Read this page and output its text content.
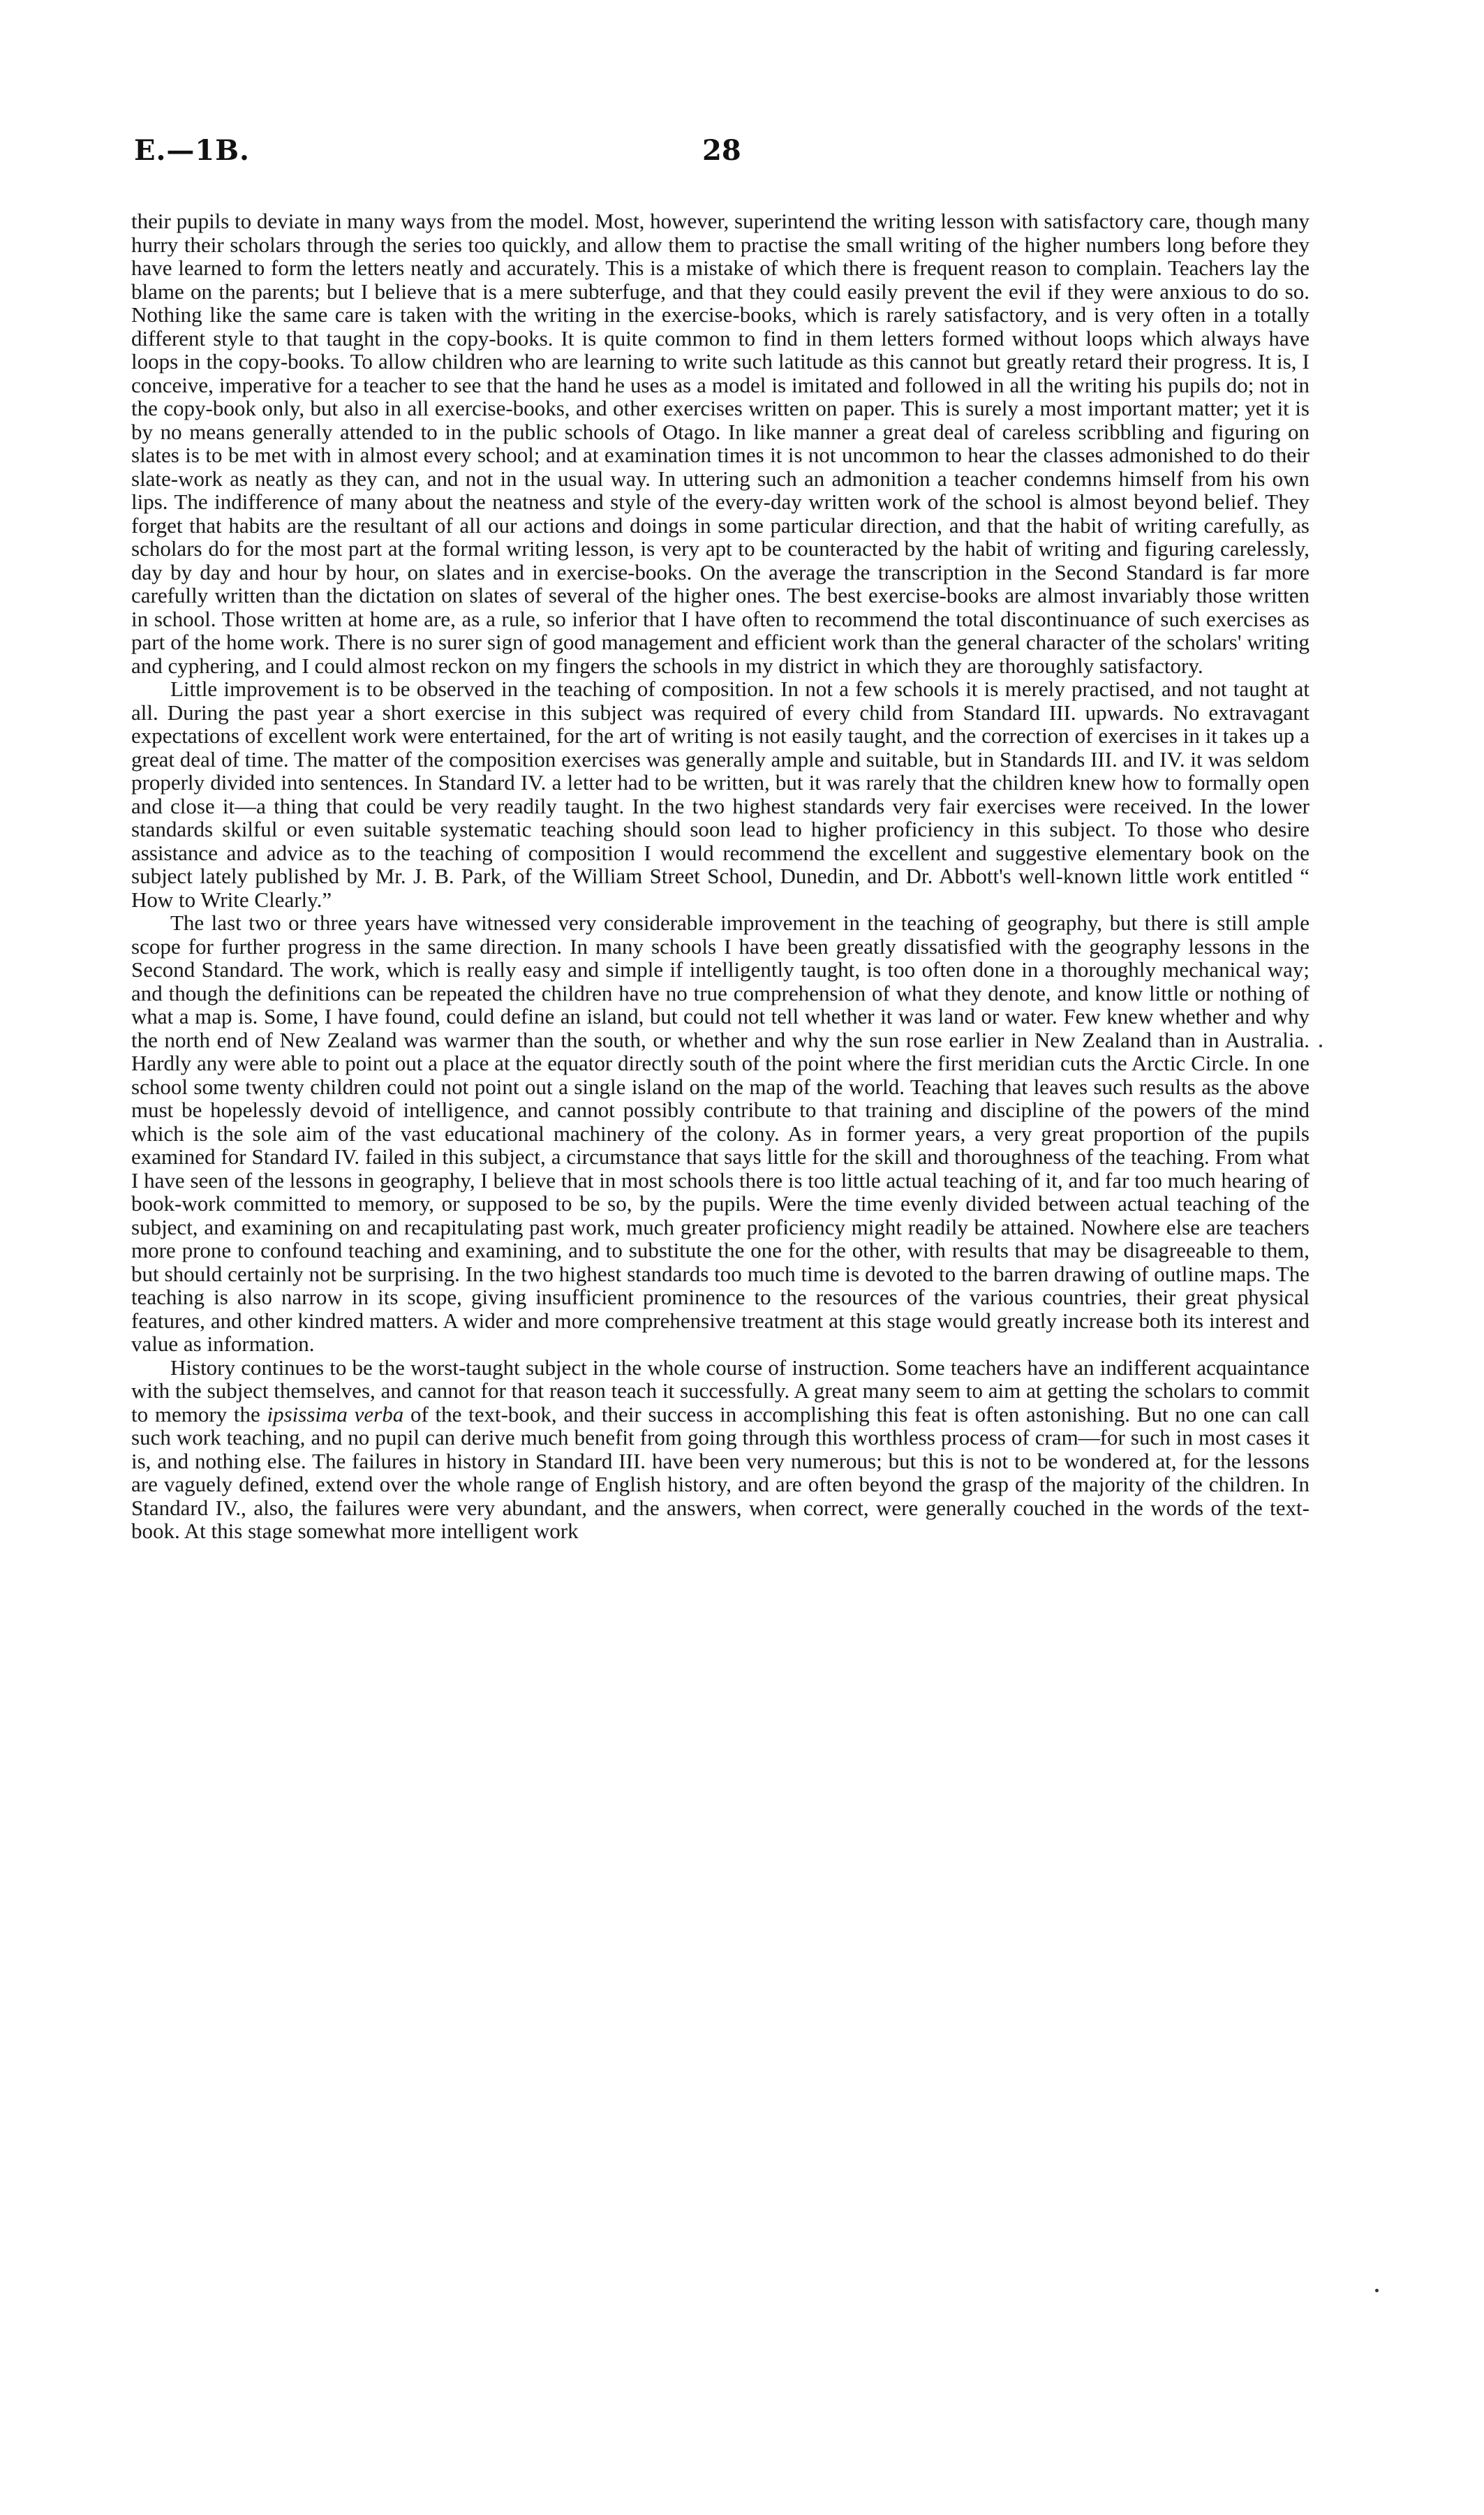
E.—1B.	28

their pupils to deviate in many ways from the model. Most, however, superintend the writing lesson with satisfactory care, though many hurry their scholars through the series too quickly, and allow them to practise the small writing of the higher numbers long before they have learned to form the letters neatly and accurately. This is a mistake of which there is frequent reason to complain. Teachers lay the blame on the parents; but I believe that is a mere subterfuge, and that they could easily prevent the evil if they were anxious to do so. Nothing like the same care is taken with the writing in the exercise-books, which is rarely satisfactory, and is very often in a totally different style to that taught in the copy-books. It is quite common to find in them letters formed without loops which always have loops in the copy-books. To allow children who are learning to write such latitude as this cannot but greatly retard their progress. It is, I conceive, imperative for a teacher to see that the hand he uses as a model is imitated and followed in all the writing his pupils do; not in the copy-book only, but also in all exercise-books, and other exercises written on paper. This is surely a most important matter; yet it is by no means generally attended to in the public schools of Otago. In like manner a great deal of careless scribbling and figuring on slates is to be met with in almost every school; and at examination times it is not uncommon to hear the classes admonished to do their slate-work as neatly as they can, and not in the usual way. In uttering such an admonition a teacher condemns himself from his own lips. The indifference of many about the neatness and style of the every-day written work of the school is almost beyond belief. They forget that habits are the resultant of all our actions and doings in some particular direction, and that the habit of writing carefully, as scholars do for the most part at the formal writing lesson, is very apt to be counteracted by the habit of writing and figuring carelessly, day by day and hour by hour, on slates and in exercise-books. On the average the transcription in the Second Standard is far more carefully written than the dictation on slates of several of the higher ones. The best exercise-books are almost invariably those written in school. Those written at home are, as a rule, so inferior that I have often to recommend the total discontinuance of such exercises as part of the home work. There is no surer sign of good management and efficient work than the general character of the scholars' writing and cyphering, and I could almost reckon on my fingers the schools in my district in which they are thoroughly satisfactory.

Little improvement is to be observed in the teaching of composition. In not a few schools it is merely practised, and not taught at all. During the past year a short exercise in this subject was required of every child from Standard III. upwards. No extravagant expectations of excellent work were entertained, for the art of writing is not easily taught, and the correction of exercises in it takes up a great deal of time. The matter of the composition exercises was generally ample and suitable, but in Standards III. and IV. it was seldom properly divided into sentences. In Standard IV. a letter had to be written, but it was rarely that the children knew how to formally open and close it—a thing that could be very readily taught. In the two highest standards very fair exercises were received. In the lower standards skilful or even suitable systematic teaching should soon lead to higher proficiency in this subject. To those who desire assistance and advice as to the teaching of composition I would recommend the excellent and suggestive elementary book on the subject lately published by Mr. J. B. Park, of the William Street School, Dunedin, and Dr. Abbott's well-known little work entitled “ How to Write Clearly.”

The last two or three years have witnessed very considerable improvement in the teaching of geography, but there is still ample scope for further progress in the same direction. In many schools I have been greatly dissatisfied with the geography lessons in the Second Standard. The work, which is really easy and simple if intelligently taught, is too often done in a thoroughly mechanical way; and though the definitions can be repeated the children have no true comprehension of what they denote, and know little or nothing of what a map is. Some, I have found, could define an island, but could not tell whether it was land or water. Few knew whether and why the north end of New Zealand was warmer than the south, or whether and why the sun rose earlier in New Zealand than in Australia. Hardly any were able to point out a place at the equator directly south of the point where the first meridian cuts the Arctic Circle. In one school some twenty children could not point out a single island on the map of the world. Teaching that leaves such results as the above must be hopelessly devoid of intelligence, and cannot possibly contribute to that training and discipline of the powers of the mind which is the sole aim of the vast educational machinery of the colony. As in former years, a very great proportion of the pupils examined for Standard IV. failed in this subject, a circumstance that says little for the skill and thoroughness of the teaching. From what I have seen of the lessons in geography, I believe that in most schools there is too little actual teaching of it, and far too much hearing of book-work committed to memory, or supposed to be so, by the pupils. Were the time evenly divided between actual teaching of the subject, and examining on and recapitulating past work, much greater proficiency might readily be attained. Nowhere else are teachers more prone to confound teaching and examining, and to substitute the one for the other, with results that may be disagreeable to them, but should certainly not be surprising. In the two highest standards too much time is devoted to the barren drawing of outline maps. The teaching is also narrow in its scope, giving insufficient prominence to the resources of the various countries, their great physical features, and other kindred matters. A wider and more comprehensive treatment at this stage would greatly increase both its interest and value as information.

History continues to be the worst-taught subject in the whole course of instruction. Some teachers have an indifferent acquaintance with the subject themselves, and cannot for that reason teach it successfully. A great many seem to aim at getting the scholars to commit to memory the ipsissima verba of the text-book, and their success in accomplishing this feat is often astonishing. But no one can call such work teaching, and no pupil can derive much benefit from going through this worthless process of cram—for such in most cases it is, and nothing else. The failures in history in Standard III. have been very numerous; but this is not to be wondered at, for the lessons are vaguely defined, extend over the whole range of English history, and are often beyond the grasp of the majority of the children. In Standard IV., also, the failures were very abundant, and the answers, when correct, were generally couched in the words of the text-book. At this stage somewhat more intelligent work
